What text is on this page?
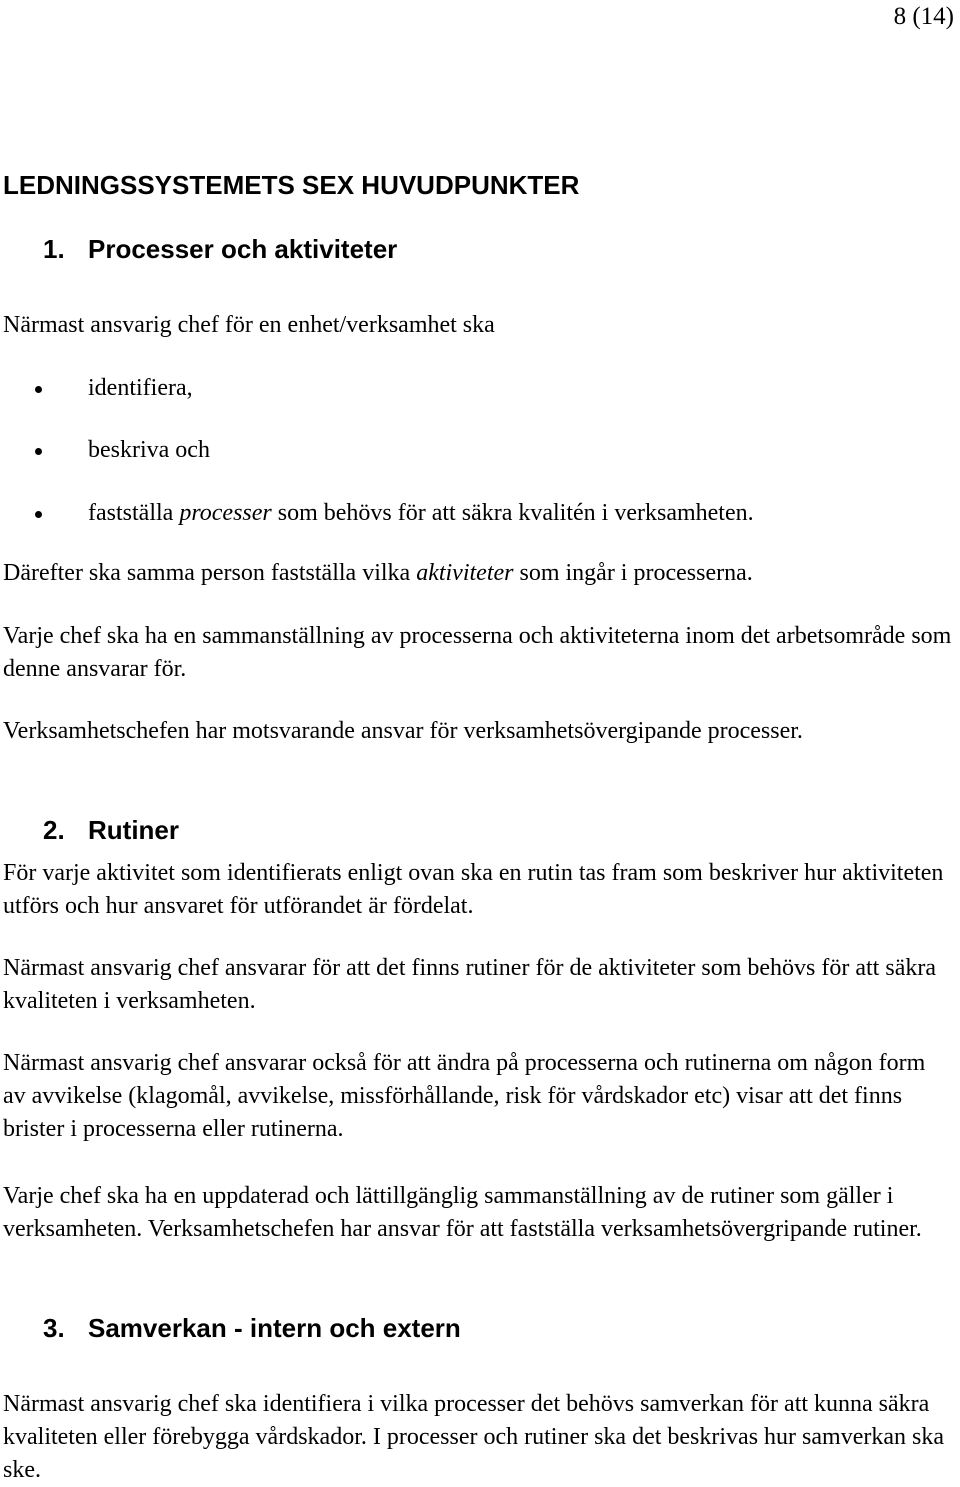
8 (14)
LEDNINGSSYSTEMETS SEX HUVUDPUNKTER
1. Processer och aktiviteter

Närmast ansvarig chef för en enhet/verksamhet ska

identifiera,
beskriva och
fastställa processer som behövs för att säkra kvalitén i verksamheten.

Därefter ska samma person fastställa vilka aktiviteter som ingår i processerna.

Varje chef ska ha en sammanställning av processerna och aktiviteterna inom det arbetsområde som denne ansvarar för.

Verksamhetschefen har motsvarande ansvar för verksamhetsövergipande processer.

2. Rutiner

För varje aktivitet som identifierats enligt ovan ska en rutin tas fram som beskriver hur aktiviteten utförs och hur ansvaret för utförandet är fördelat.

Närmast ansvarig chef ansvarar för att det finns rutiner för de aktiviteter som behövs för att säkra kvaliteten i verksamheten.

Närmast ansvarig chef ansvarar också för att ändra på processerna och rutinerna om någon form av avvikelse (klagomål, avvikelse, missförhållande, risk för vårdskador etc) visar att det finns brister i processerna eller rutinerna.

Varje chef ska ha en uppdaterad och lättillgänglig sammanställning av de rutiner som gäller i verksamheten. Verksamhetschefen har ansvar för att fastställa verksamhetsövergripande rutiner.

3. Samverkan - intern och extern

Närmast ansvarig chef ska identifiera i vilka processer det behövs samverkan för att kunna säkra kvaliteten eller förebygga vårdskador. I processer och rutiner ska det beskrivas hur samverkan ska ske.
